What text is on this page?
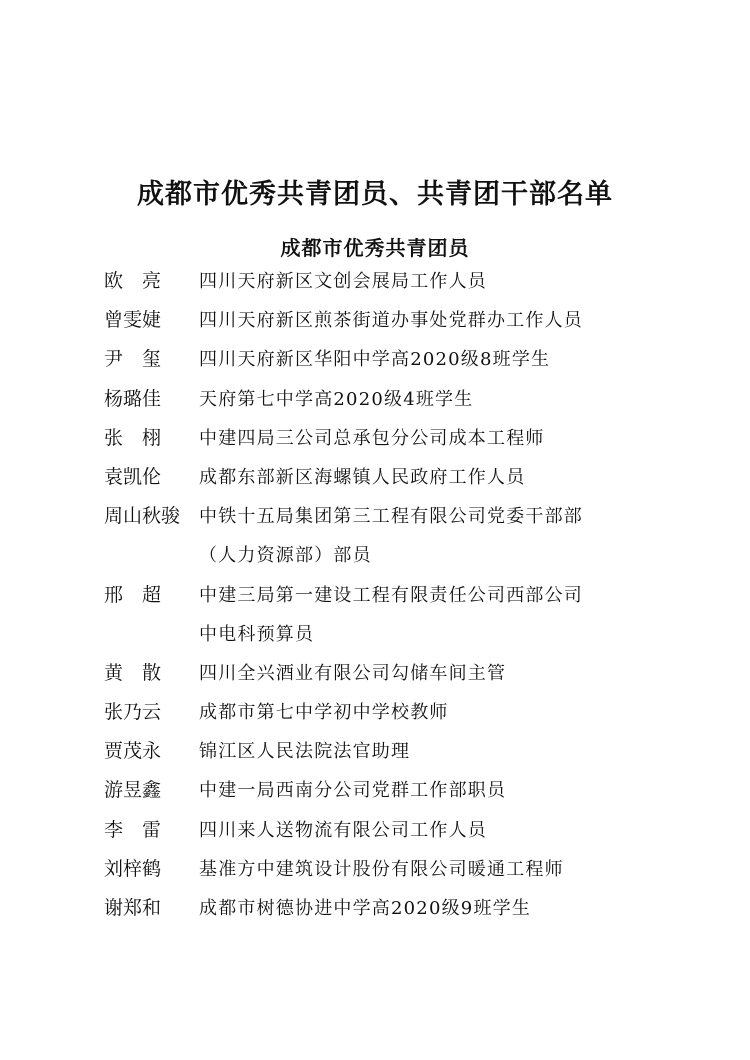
成都市优秀共青团员、共青团干部名单
成都市优秀共青团员
欧亮	四川天府新区文创会展局工作人员
曾雯婕	四川天府新区煎茶街道办事处党群办工作人员
尹玺	四川天府新区华阳中学高2020级8班学生
杨璐佳	天府第七中学高2020级4班学生
张栩	中建四局三公司总承包分公司成本工程师
袁凯伦	成都东部新区海螺镇人民政府工作人员
周山秋骏	中铁十五局集团第三工程有限公司党委干部部
（人力资源部）部员
邢超	中建三局第一建设工程有限责任公司西部公司
中电科预算员
黄散	四川全兴酒业有限公司勾储车间主管
张乃云	成都市第七中学初中学校教师
贾茂永	锦江区人民法院法官助理
游昱鑫	中建一局西南分公司党群工作部职员
李雷	四川来人送物流有限公司工作人员
刘梓鹤	基准方中建筑设计股份有限公司暖通工程师
谢郑和	成都市树德协进中学高2020级9班学生
